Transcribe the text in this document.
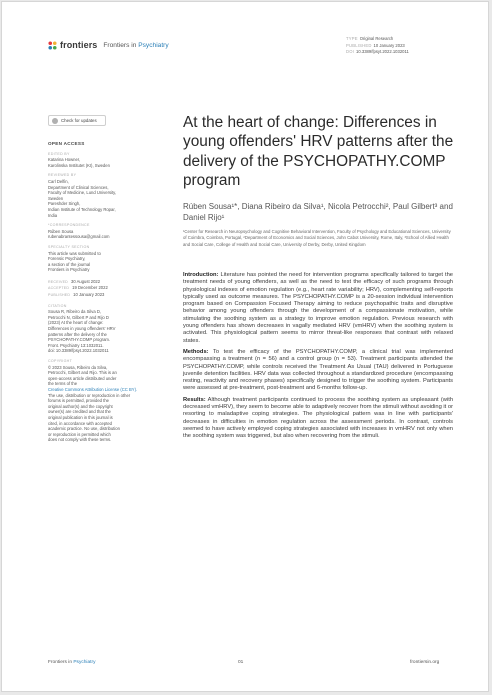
frontiers Frontiers in Psychiatry
TYPE Original Research
PUBLISHED 10 January 2023
DOI 10.3389/fpsyt.2022.1032011
Check for updates
OPEN ACCESS
EDITED BY
Katarina Howner,
Karolinska Institutet (KI), Sweden
REVIEWED BY
Carl Delfin,
Department of Clinical Sciences,
Faculty of Medicine, Lund University,
Sweden
Pareshder Singh,
Indian Institute of Technology Ropar,
India
*CORRESPONDENCE
Rúben Sousa
rubenabrantessousa@gmail.com
SPECIALTY SECTION
This article was submitted to
Forensic Psychiatry,
a section of the journal
Frontiers in Psychiatry
RECEIVED 30 August 2022
ACCEPTED 19 December 2022
PUBLISHED 10 January 2023
CITATION
Sousa R, Ribeiro da Silva D,
Petrocchi N, Gilbert P and Rijo D
(2023) At the heart of change:
Differences in young offenders' HRV
patterns after the delivery of the
PSYCHOPATHY.COMP program.
Front. Psychiatry 13:1032011.
doi: 10.3389/fpsyt.2022.1032011
COPYRIGHT
© 2023 Sousa, Ribeiro da Silva,
Petrocchi, Gilbert and Rijo. This is an
open-access article distributed under
the terms of the
Creative Commons Attribution License (CC BY).
The use, distribution or reproduction in other
forums is permitted, provided the
original author(s) and the copyright
owner(s) are credited and that the
original publication in this journal is
cited, in accordance with accepted
academic practice. No use, distribution
or reproduction is permitted which
does not comply with these terms.
At the heart of change: Differences in young offenders' HRV patterns after the delivery of the PSYCHOPATHY.COMP program
Rúben Sousa¹*, Diana Ribeiro da Silva¹, Nicola Petrocchi², Paul Gilbert³ and Daniel Rijo¹
¹Center for Research in Neuropsychology and Cognitive Behavioral Intervention, Faculty of Psychology and Educational Sciences, University of Coimbra, Coimbra, Portugal, ²Department of Economics and Social Sciences, John Cabot University, Rome, Italy, ³School of Allied Health and Social Care, College of Health and Social Care, University of Derby, Derby, United Kingdom

Introduction: Literature has pointed the need for intervention programs specifically tailored to target the treatment needs of young offenders, as well as the need to test the efficacy of such programs through physiological indexes of emotion regulation (e.g., heart rate variability; HRV), complementing self-reports typically used as outcome measures. The PSYCHOPATHY.COMP is a 20-session individual intervention program based on Compassion Focused Therapy aiming to reduce psychopathic traits and disruptive behavior among young offenders through the development of a compassionate motivation, while stimulating the soothing system as a strategy to improve emotion regulation. Previous research with young offenders has shown decreases in vagally mediated HRV (vmHRV) when the soothing system is activated. This physiological pattern seems to mirror threat-like responses that contrast with relaxed states.

Methods: To test the efficacy of the PSYCHOPATHY.COMP, a clinical trial was implemented encompassing a treatment (n = 56) and a control group (n = 53). Treatment participants attended the PSYCHOPATHY.COMP, while controls received the Treatment As Usual (TAU) delivered in Portuguese juvenile detention facilities. HRV data was collected throughout a standardized procedure (encompassing resting, reactivity and recovery phases) specifically designed to trigger the soothing system. Participants were assessed at pre-treatment, post-treatment and 6-months follow-up.

Results: Although treatment participants continued to process the soothing system as unpleasant (with decreased vmHRV), they seem to become able to adaptively recover from the stimuli without avoiding it or resorting to maladaptive coping strategies. The physiological pattern was in line with participants' decreases in difficulties in emotion regulation across the assessment periods. In contrast, controls seemed to have actively employed coping strategies associated with increases in vmHRV not only when the soothing system was triggered, but also when recovering from the stimuli.

Frontiers in Psychiatry	01	frontiersin.org
